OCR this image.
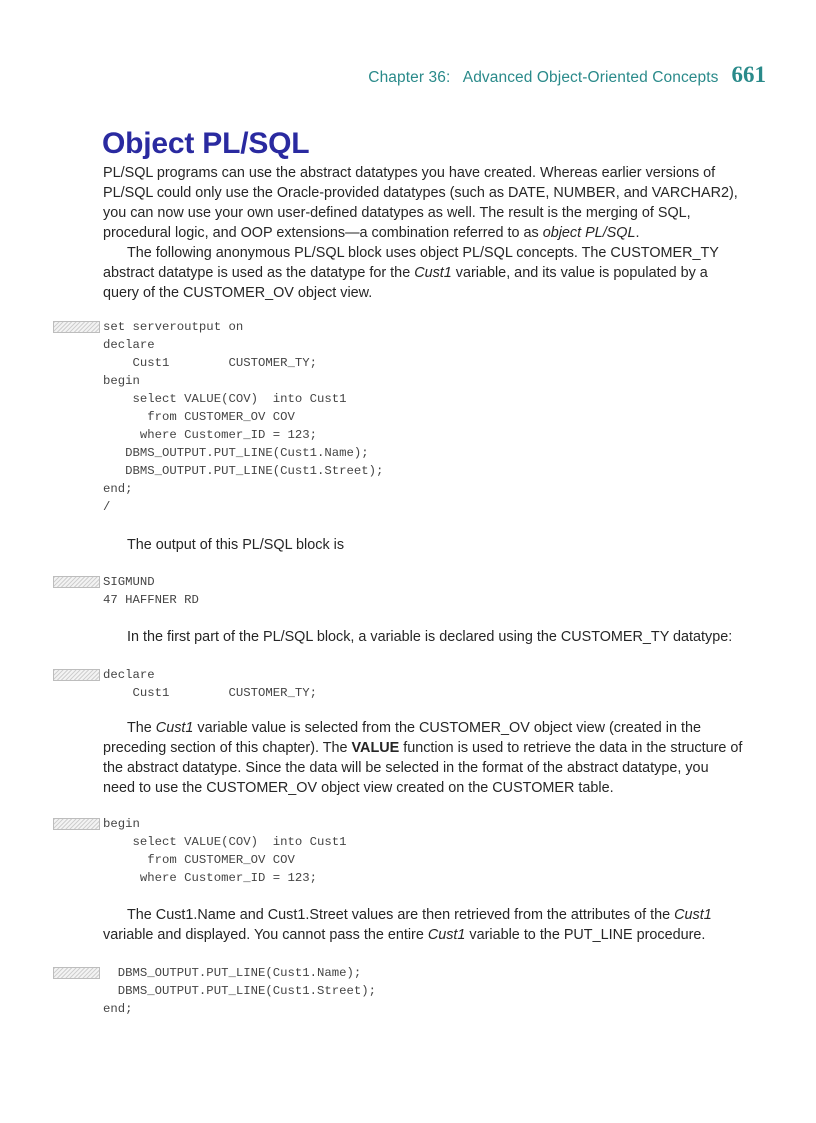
Chapter 36:   Advanced Object-Oriented Concepts 661
Object PL/SQL

PL/SQL programs can use the abstract datatypes you have created. Whereas earlier versions of PL/SQL could only use the Oracle-provided datatypes (such as DATE, NUMBER, and VARCHAR2), you can now use your own user-defined datatypes as well. The result is the merging of SQL, procedural logic, and OOP extensions—a combination referred to as object PL/SQL.

The following anonymous PL/SQL block uses object PL/SQL concepts. The CUSTOMER_TY abstract datatype is used as the datatype for the Cust1 variable, and its value is populated by a query of the CUSTOMER_OV object view.

set serveroutput on
declare
Cust1        CUSTOMER_TY;
begin
select VALUE(COV)  into Cust1
from CUSTOMER_OV COV
where Customer_ID = 123;
DBMS_OUTPUT.PUT_LINE(Cust1.Name);
DBMS_OUTPUT.PUT_LINE(Cust1.Street);
end;
/

The output of this PL/SQL block is

SIGMUND
47 HAFFNER RD

In the first part of the PL/SQL block, a variable is declared using the CUSTOMER_TY datatype:

declare
Cust1        CUSTOMER_TY;

The Cust1 variable value is selected from the CUSTOMER_OV object view (created in the preceding section of this chapter). The VALUE function is used to retrieve the data in the structure of the abstract datatype. Since the data will be selected in the format of the abstract datatype, you need to use the CUSTOMER_OV object view created on the CUSTOMER table.

begin
select VALUE(COV)  into Cust1
from CUSTOMER_OV COV
where Customer_ID = 123;

The Cust1.Name and Cust1.Street values are then retrieved from the attributes of the Cust1 variable and displayed. You cannot pass the entire Cust1 variable to the PUT_LINE procedure.

DBMS_OUTPUT.PUT_LINE(Cust1.Name);
DBMS_OUTPUT.PUT_LINE(Cust1.Street);
end;
